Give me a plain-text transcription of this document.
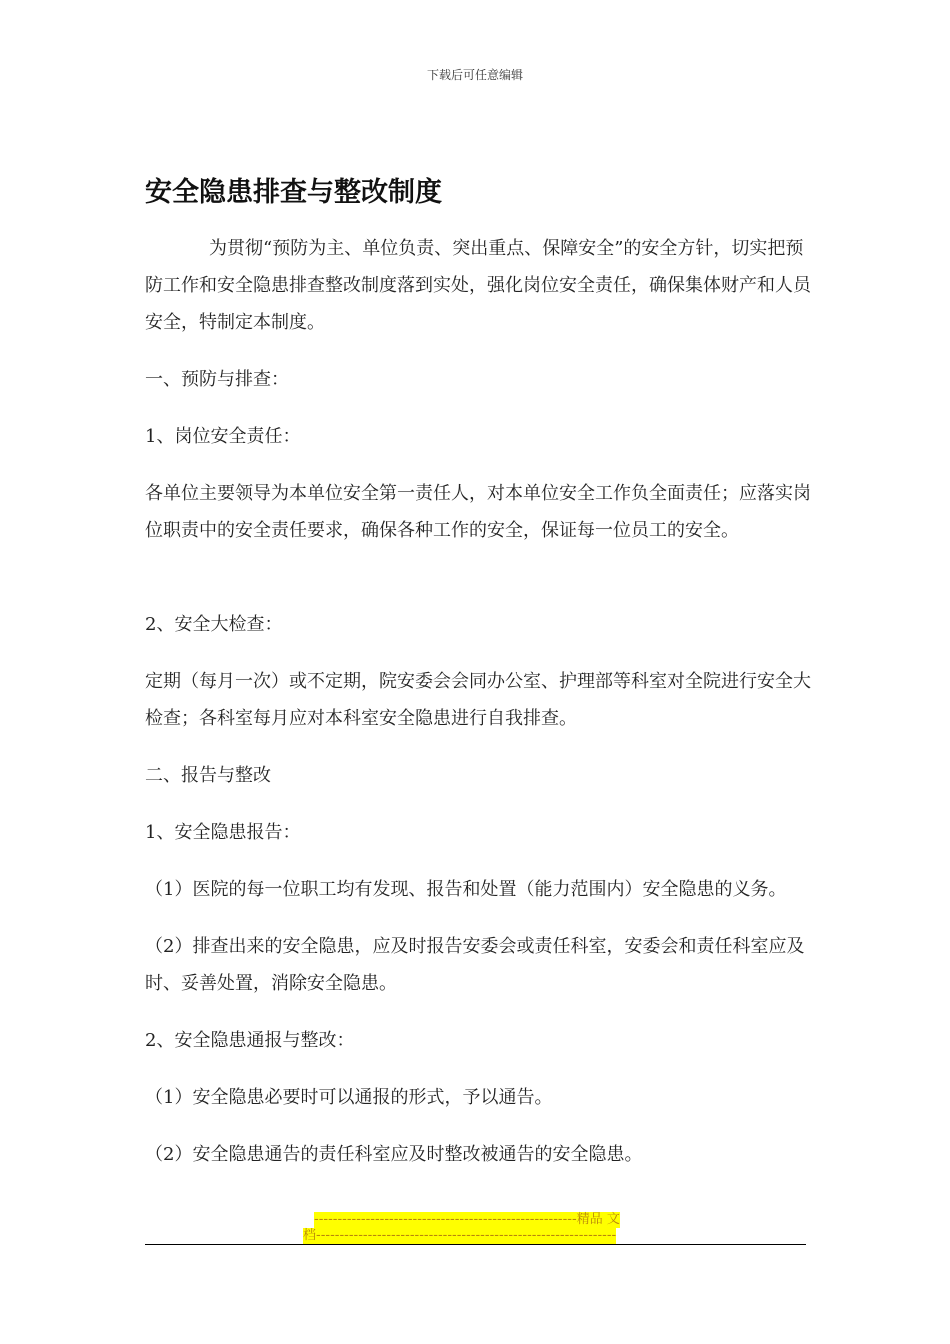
下载后可任意编辑
安全隐患排查与整改制度

为贯彻“预防为主、单位负责、突出重点、保障安全”的安全方针，切实把预防工作和安全隐患排查整改制度落到实处，强化岗位安全责任，确保集体财产和人员安全，特制定本制度。

一、预防与排查：

1、岗位安全责任：

各单位主要领导为本单位安全第一责任人，对本单位安全工作负全面责任；应落实岗位职责中的安全责任要求，确保各种工作的安全，保证每一位员工的安全。

2、安全大检查：

定期（每月一次）或不定期，院安委会会同办公室、护理部等科室对全院进行安全大检查；各科室每月应对本科室安全隐患进行自我排查。

二、报告与整改

1、安全隐患报告：

（1）医院的每一位职工均有发现、报告和处置（能力范围内）安全隐患的义务。

（2）排查出来的安全隐患，应及时报告安委会或责任科室，安委会和责任科室应及时、妥善处置，消除安全隐患。

2、安全隐患通报与整改：

（1）安全隐患必要时可以通报的形式，予以通告。

（2）安全隐患通告的责任科室应及时整改被通告的安全隐患。

--------------------------------------------------------精品 文
档----------------------------------------------------------------
